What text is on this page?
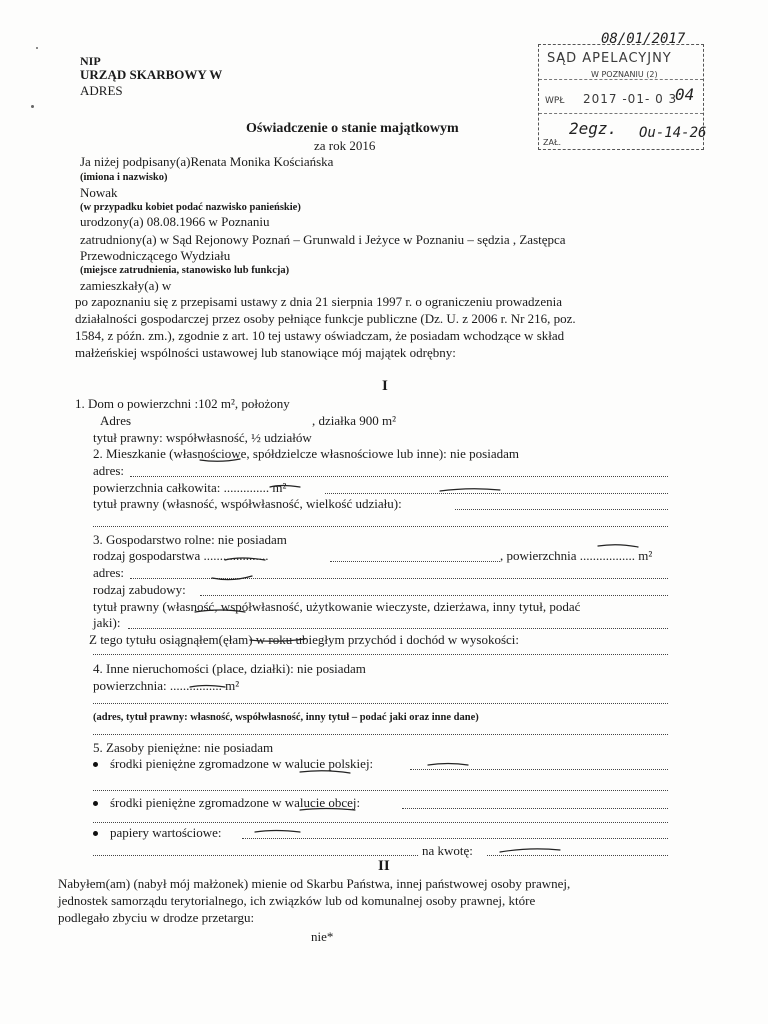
NIP
URZĄD SKARBOWY W
ADRES
08/01/2017
SĄD APELACYJNY
W POZNANIU (2)
WPŁ 2017 -01- 0 3
04
ZAŁ.
2egz. Ou-14-26
Oświadczenie o stanie majątkowym
za rok 2016
Ja niżej podpisany(a)Renata Monika Kościańska
(imiona i nazwisko)
Nowak
(w przypadku kobiet podać nazwisko panieńskie)
urodzony(a) 08.08.1966 w Poznaniu
zatrudniony(a) w Sąd Rejonowy Poznań – Grunwald i Jeżyce w Poznaniu – sędzia , Zastępca
Przewodniczącego Wydziału
(miejsce zatrudnienia, stanowisko lub funkcja)
zamieszkały(a) w
po zapoznaniu się z przepisami ustawy z dnia 21 sierpnia 1997 r. o ograniczeniu prowadzenia
działalności gospodarczej przez osoby pełniące funkcje publiczne (Dz. U. z 2006 r. Nr 216, poz.
1584, z późn. zm.), zgodnie z art. 10 tej ustawy oświadczam, że posiadam wchodzące w skład
małżeńskiej wspólności ustawowej lub stanowiące mój majątek odrębny:
I
1. Dom o powierzchni :102 m², położony
Adres	, działka 900 m²
tytuł prawny: współwłasność, ½ udziałów
2. Mieszkanie (własnościowe, spółdzielcze własnościowe lub inne): nie posiadam
adres:
powierzchnia całkowita: .............. m²
tytuł prawny (własność, współwłasność, wielkość udziału):
3. Gospodarstwo rolne: nie posiadam
rodzaj gospodarstwa ....................	, powierzchnia ................. m²
adres:
rodzaj zabudowy:
tytuł prawny (własność, współwłasność, użytkowanie wieczyste, dzierżawa, inny tytuł, podać
jaki):
Z tego tytułu osiągnąłem(ęłam) w roku ubiegłym przychód i dochód w wysokości:
4. Inne nieruchomości (place, działki): nie posiadam
powierzchnia: ................ m²
(adres, tytuł prawny: własność, współwłasność, inny tytuł – podać jaki oraz inne dane)
5. Zasoby pieniężne: nie posiadam
środki pieniężne zgromadzone w walucie polskiej:
środki pieniężne zgromadzone w walucie obcej:
papiery wartościowe:
na kwotę:
II
Nabyłem(am) (nabył mój małżonek) mienie od Skarbu Państwa, innej państwowej osoby prawnej,
jednostek samorządu terytorialnego, ich związków lub od komunalnej osoby prawnej, które
podlegało zbyciu w drodze przetargu:
nie*
